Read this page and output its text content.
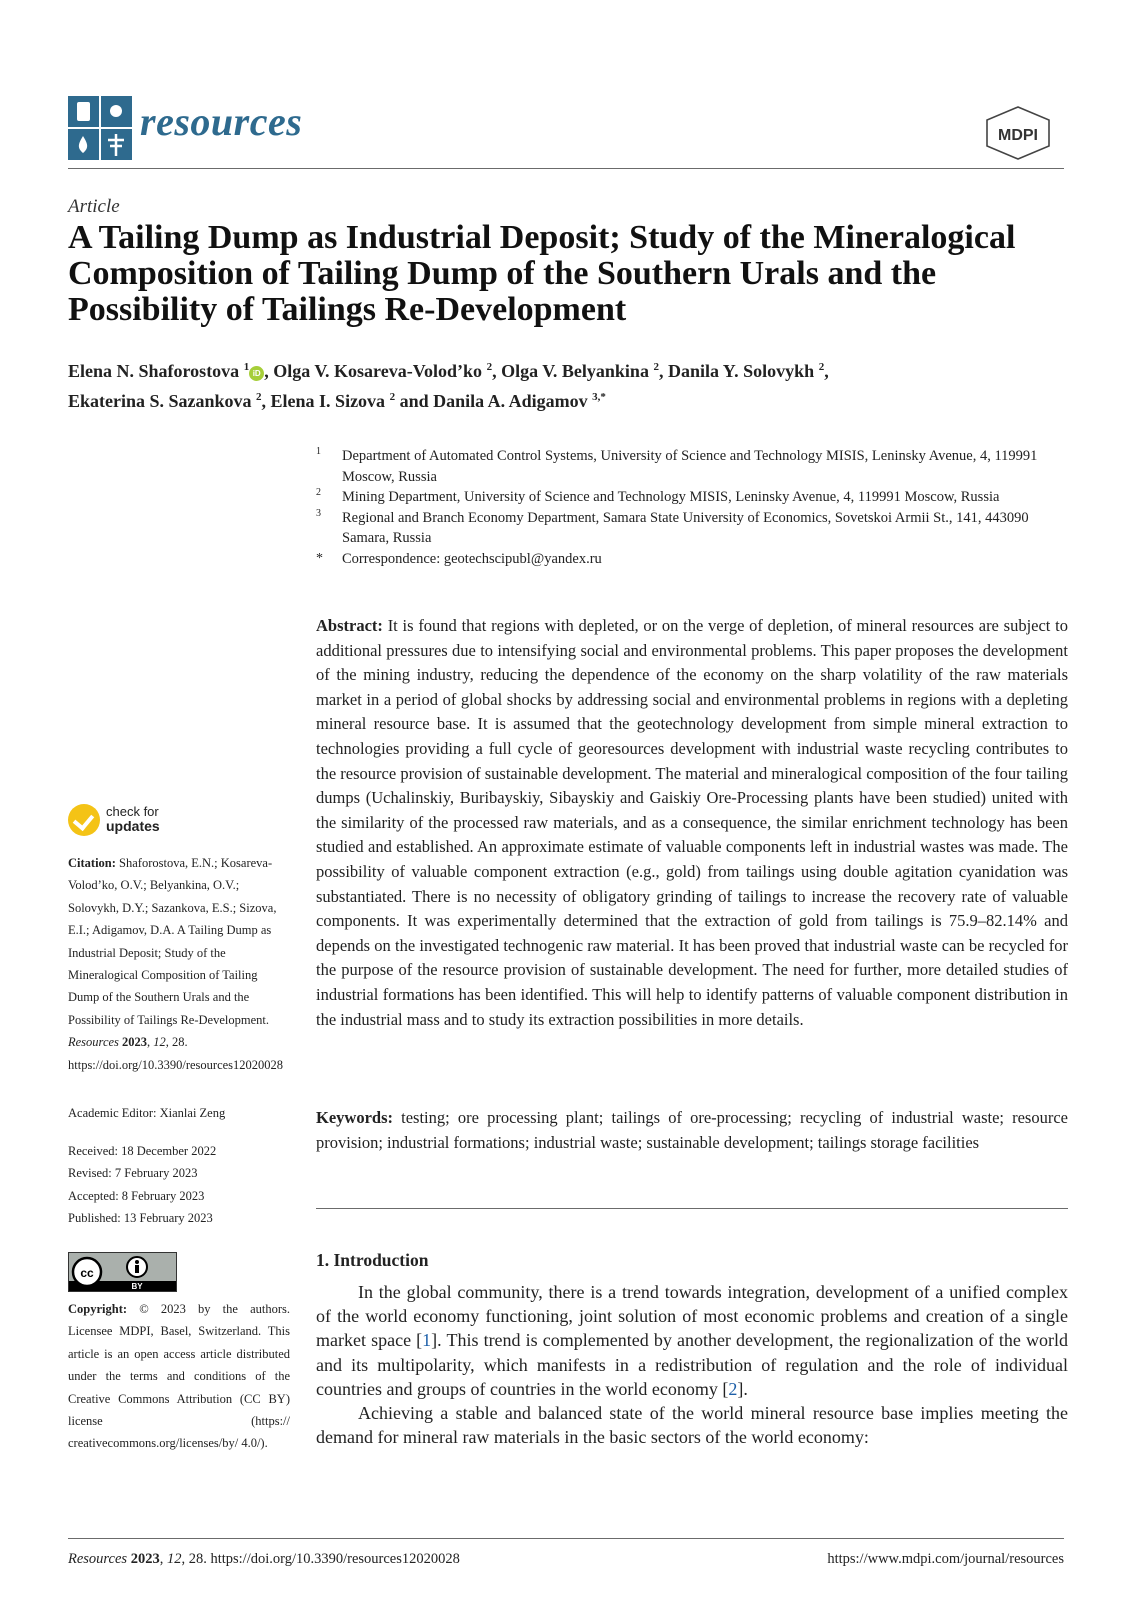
resources	MDPI
Article
A Tailing Dump as Industrial Deposit; Study of the Mineralogical Composition of Tailing Dump of the Southern Urals and the Possibility of Tailings Re-Development
Elena N. Shaforostova $^1$iD , Olga V. Kosareva-Volod’ko $^2$, Olga V. Belyankina $^2$, Danila Y. Solovykh $^2$,
Ekaterina S. Sazankova $^2$, Elena I. Sizova $^2$ and Danila A. Adigamov $^{3,*}$
1 Department of Automated Control Systems, University of Science and Technology MISIS, Leninsky Avenue, 4, 119991 Moscow, Russia
2 Mining Department, University of Science and Technology MISIS, Leninsky Avenue, 4, 119991 Moscow, Russia
3 Regional and Branch Economy Department, Samara State University of Economics, Sovetskoi Armii St., 141, 443090 Samara, Russia
* Correspondence: geotechscipubl@yandex.ru
Abstract: It is found that regions with depleted, or on the verge of depletion, of mineral resources are subject to additional pressures due to intensifying social and environmental problems. This paper proposes the development of the mining industry, reducing the dependence of the economy on the sharp volatility of the raw materials market in a period of global shocks by addressing social and environmental problems in regions with a depleting mineral resource base. It is assumed that the geotechnology development from simple mineral extraction to technologies providing a full cycle of georesources development with industrial waste recycling contributes to the resource provision of sustainable development. The material and mineralogical composition of the four tailing dumps (Uchalinskiy, Buribayskiy, Sibayskiy and Gaiskiy Ore-Processing plants have been studied) united with the similarity of the processed raw materials, and as a consequence, the similar enrichment technology has been studied and established. An approximate estimate of valuable components left in industrial wastes was made. The possibility of valuable component extraction (e.g., gold) from tailings using double agitation cyanidation was substantiated. There is no necessity of obligatory grinding of tailings to increase the recovery rate of valuable components. It was experimentally determined that the extraction of gold from tailings is 75.9–82.14% and depends on the investigated technogenic raw material. It has been proved that industrial waste can be recycled for the purpose of the resource provision of sustainable development. The need for further, more detailed studies of industrial formations has been identified. This will help to identify patterns of valuable component distribution in the industrial mass and to study its extraction possibilities in more details.
Keywords: testing; ore processing plant; tailings of ore-processing; recycling of industrial waste; resource provision; industrial formations; industrial waste; sustainable development; tailings storage facilities
1. Introduction

In the global community, there is a trend towards integration, development of a unified complex of the world economy functioning, joint solution of most economic problems and creation of a single market space [1]. This trend is complemented by another development, the regionalization of the world and its multipolarity, which manifests in a redistribution of regulation and the role of individual countries and groups of countries in the world economy [2].

Achieving a stable and balanced state of the world mineral resource base implies meeting the demand for mineral raw materials in the basic sectors of the world economy:

check for
updates
Citation: Shaforostova, E.N.; Kosareva-Volod’ko, O.V.; Belyankina, O.V.; Solovykh, D.Y.; Sazankova, E.S.; Sizova, E.I.; Adigamov, D.A. A Tailing Dump as Industrial Deposit; Study of the Mineralogical Composition of Tailing Dump of the Southern Urals and the Possibility of Tailings Re-Development. Resources 2023, 12, 28. https://doi.org/10.3390/resources12020028
Academic Editor: Xianlai Zeng
Received: 18 December 2022
Revised: 7 February 2023
Accepted: 8 February 2023
Published: 13 February 2023
cc
BY
Copyright: © 2023 by the authors. Licensee MDPI, Basel, Switzerland. This article is an open access article distributed under the terms and conditions of the Creative Commons Attribution (CC BY) license (https:// creativecommons.org/licenses/by/ 4.0/).
Resources 2023, 12, 28. https://doi.org/10.3390/resources12020028	https://www.mdpi.com/journal/resources
